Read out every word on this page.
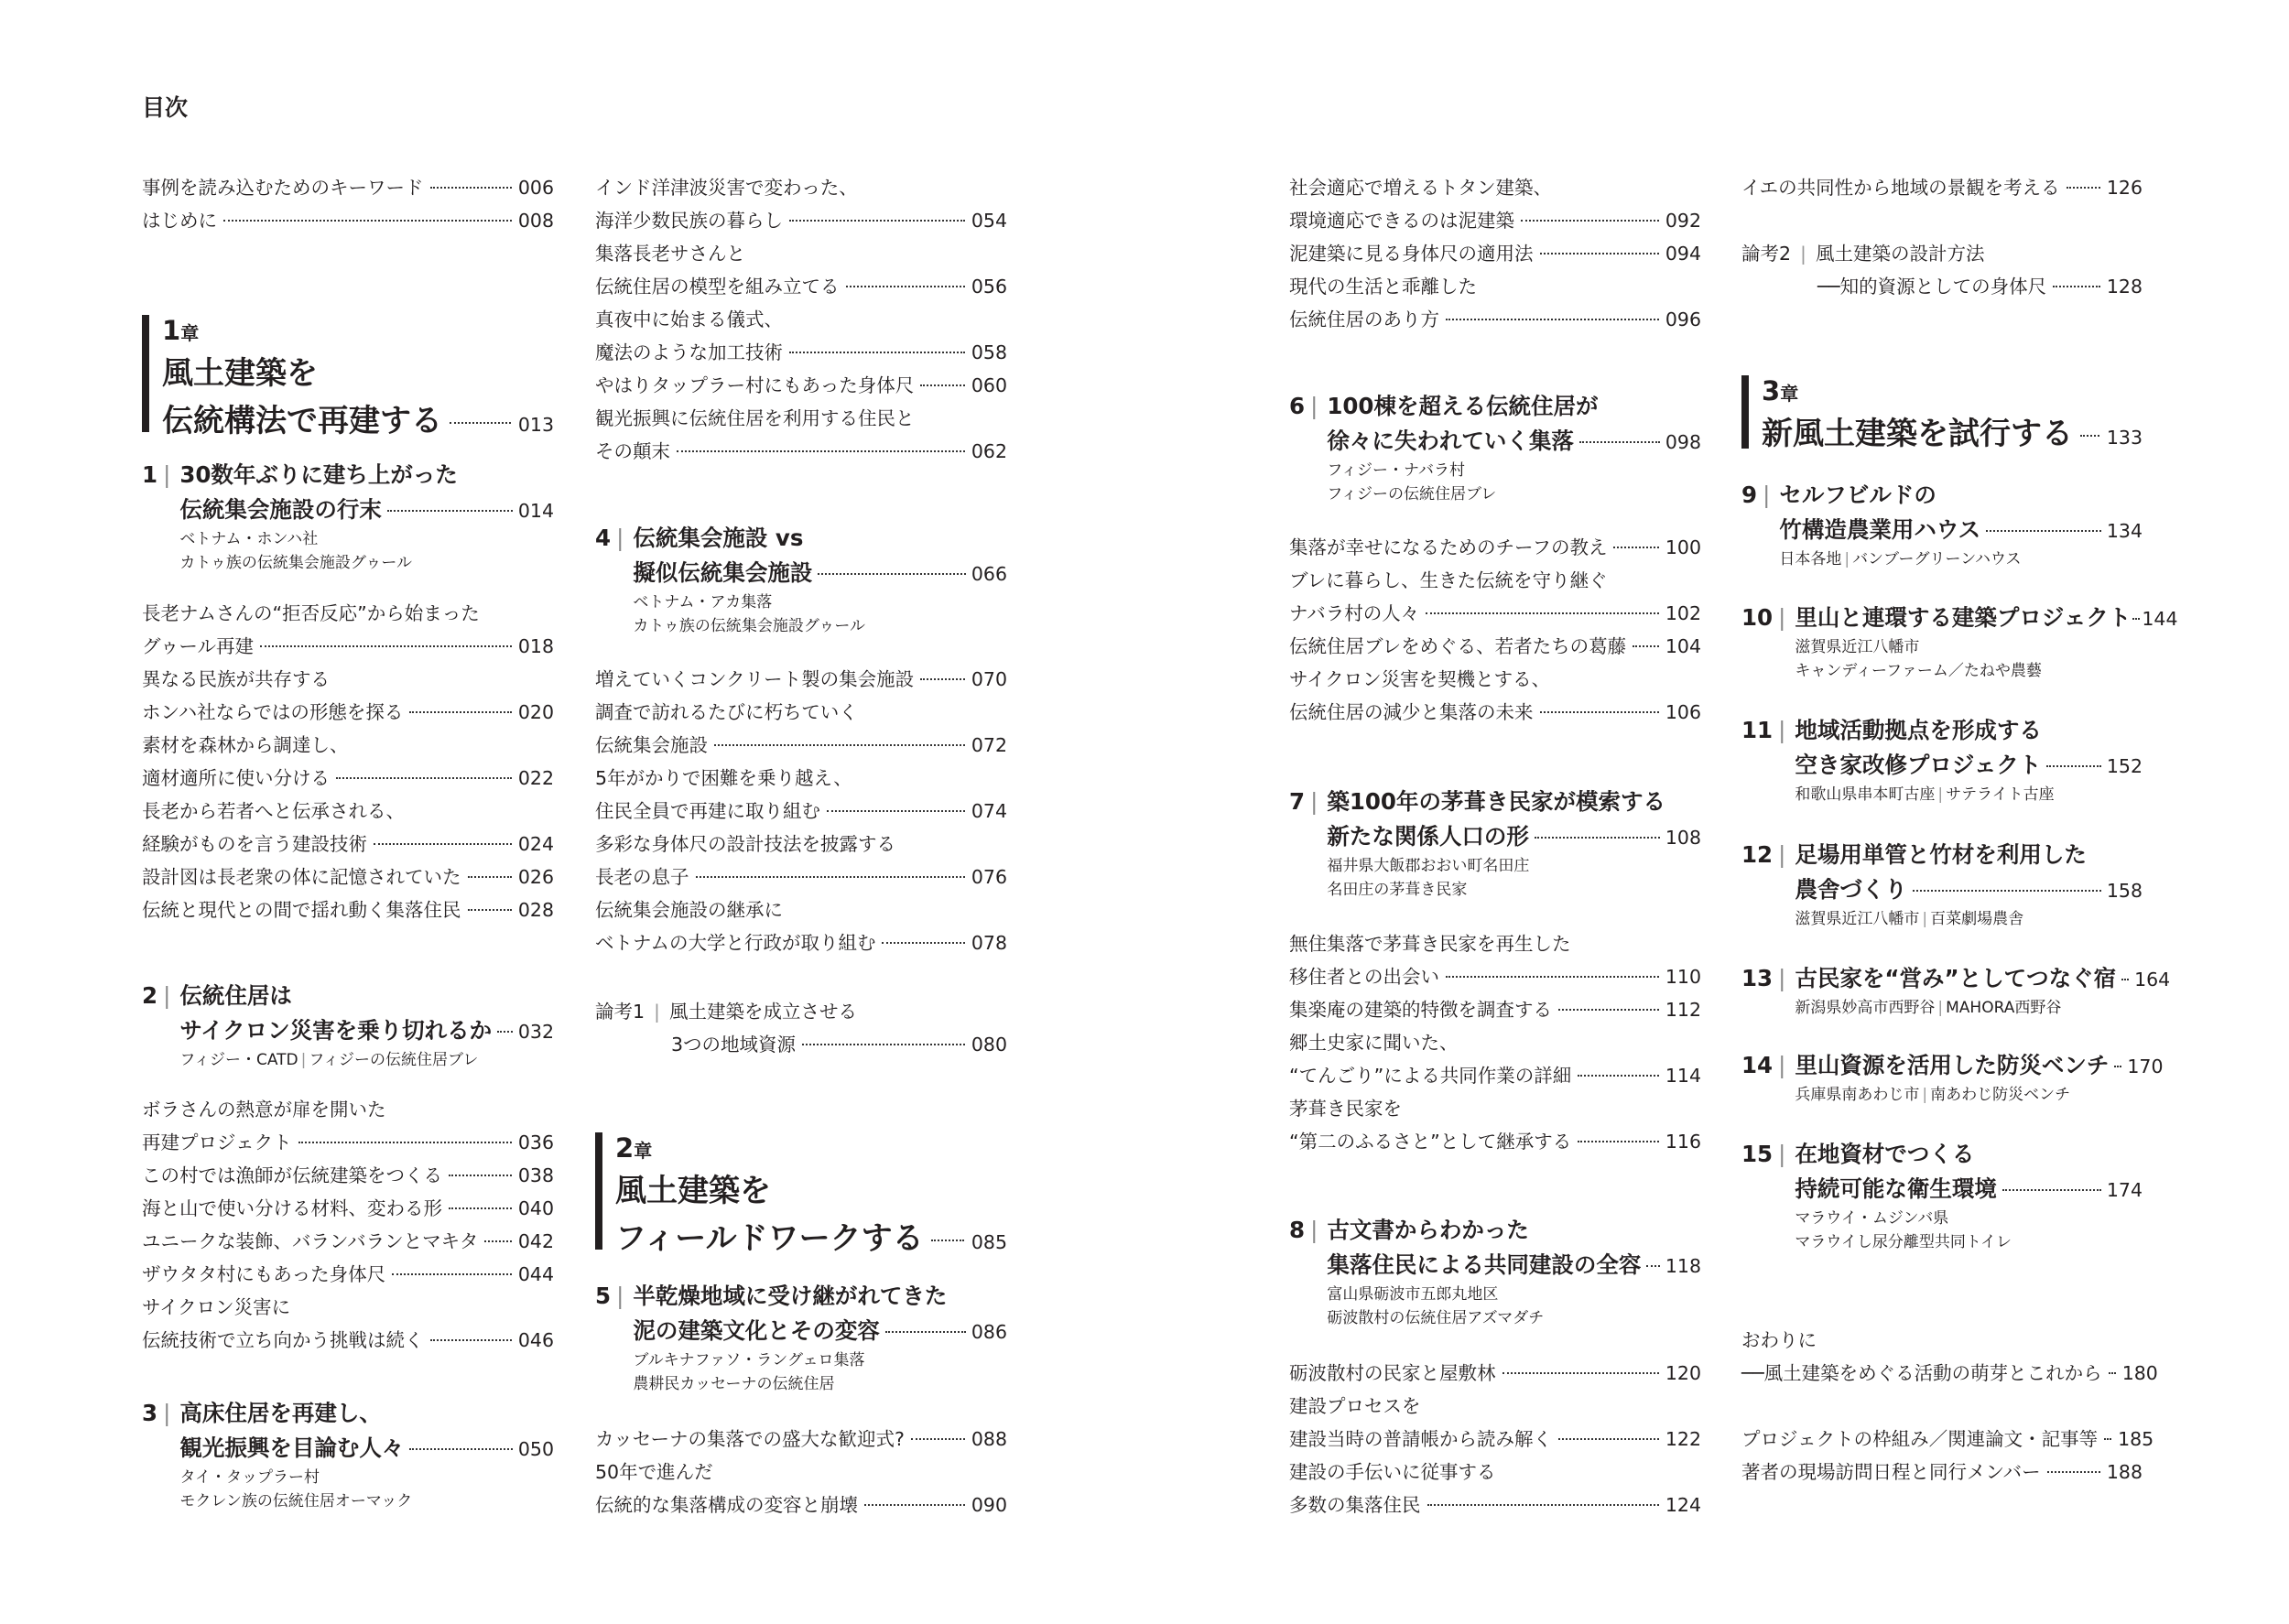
目次
事例を読み込むためのキーワード	006
はじめに	008
1章
風土建築を
伝統構法で再建する	013
1 | 30数年ぶりに建ち上がった
伝統集会施設の行末	014
ベトナム・ホンハ社
カトゥ族の伝統集会施設グゥール
長老ナムさんの“拒否反応”から始まった
グゥール再建	018
異なる民族が共存する
ホンハ社ならではの形態を探る	020
素材を森林から調達し、
適材適所に使い分ける	022
長老から若者へと伝承される、
経験がものを言う建設技術	024
設計図は長老衆の体に記憶されていた	026
伝統と現代との間で揺れ動く集落住民	028
2 | 伝統住居は
サイクロン災害を乗り切れるか 032
フィジー・CATD | フィジーの伝統住居ブレ
ボラさんの熱意が扉を開いた
再建プロジェクト	036
この村では漁師が伝統建築をつくる	038
海と山で使い分ける材料、変わる形	040
ユニークな装飾、バランバランとマキタ 042
ザウタタ村にもあった身体尺	044
サイクロン災害に
伝統技術で立ち向かう挑戦は続く	046
3 | 高床住居を再建し、
観光振興を目論む人々	050
タイ・タップラー村
モクレン族の伝統住居オーマック
インド洋津波災害で変わった、
海洋少数民族の暮らし	054
集落長老サさんと
伝統住居の模型を組み立てる	056
真夜中に始まる儀式、
魔法のような加工技術	058
やはりタップラー村にもあった身体尺	060
観光振興に伝統住居を利用する住民と
その顛末	062
4 | 伝統集会施設 vs
擬似伝統集会施設	066
ベトナム・アカ集落
カトゥ族の伝統集会施設グゥール
増えていくコンクリート製の集会施設	070
調査で訪れるたびに朽ちていく
伝統集会施設	072
5年がかりで困難を乗り越え、
住民全員で再建に取り組む	074
多彩な身体尺の設計技法を披露する
長老の息子	076
伝統集会施設の継承に
ベトナムの大学と行政が取り組む	078
論考1 | 風土建築を成立させる
3つの地域資源	080
2章
風土建築を
フィールドワークする	085
5 | 半乾燥地域に受け継がれてきた
泥の建築文化とその変容	086
ブルキナファソ・ラングェロ集落
農耕民カッセーナの伝統住居
カッセーナの集落での盛大な歓迎式?	088
50年で進んだ
伝統的な集落構成の変容と崩壊	090
社会適応で増えるトタン建築、
環境適応できるのは泥建築	092
泥建築に見る身体尺の適用法	094
現代の生活と乖離した
伝統住居のあり方	096
6 | 100棟を超える伝統住居が
徐々に失われていく集落	098
フィジー・ナバラ村
フィジーの伝統住居ブレ
集落が幸せになるためのチーフの教え	100
ブレに暮らし、生きた伝統を守り継ぐ
ナバラ村の人々	102
伝統住居ブレをめぐる、若者たちの葛藤 104
サイクロン災害を契機とする、
伝統住居の減少と集落の未来	106
7 | 築100年の茅葺き民家が模索する
新たな関係人口の形	108
福井県大飯郡おおい町名田庄
名田庄の茅葺き民家
無住集落で茅葺き民家を再生した
移住者との出会い	110
集楽庵の建築的特徴を調査する	112
郷土史家に聞いた、
“てんごり”による共同作業の詳細	114
茅葺き民家を
“第二のふるさと”として継承する	116
8 | 古文書からわかった
集落住民による共同建設の全容 118
富山県砺波市五郎丸地区
砺波散村の伝統住居アズマダチ
砺波散村の民家と屋敷林	120
建設プロセスを
建設当時の普請帳から読み解く	122
建設の手伝いに従事する
多数の集落住民	124
イエの共同性から地域の景観を考える 126
論考2 | 風土建築の設計方法
──知的資源としての身体尺	128
3章
新風土建築を試行する 133
9 | セルフビルドの
竹構造農業用ハウス	134
日本各地 | バンブーグリーンハウス
10 | 里山と連環する建築プロジェクト 144
滋賀県近江八幡市
キャンディーファーム／たねや農藝
11 | 地域活動拠点を形成する
空き家改修プロジェクト	152
和歌山県串本町古座 | サテライト古座
12 | 足場用単管と竹材を利用した
農舎づくり	158
滋賀県近江八幡市 | 百菜劇場農舎
13 | 古民家を“営み”としてつなぐ宿 164
新潟県妙高市西野谷 | MAHORA西野谷
14 | 里山資源を活用した防災ベンチ 170
兵庫県南あわじ市 | 南あわじ防災ベンチ
15 | 在地資材でつくる
持続可能な衛生環境	174
マラウイ・ムジンバ県
マラウイし尿分離型共同トイレ
おわりに
──風土建築をめぐる活動の萌芽とこれから 180
プロジェクトの枠組み／関連論文・記事等 185
著者の現場訪問日程と同行メンバー	188
